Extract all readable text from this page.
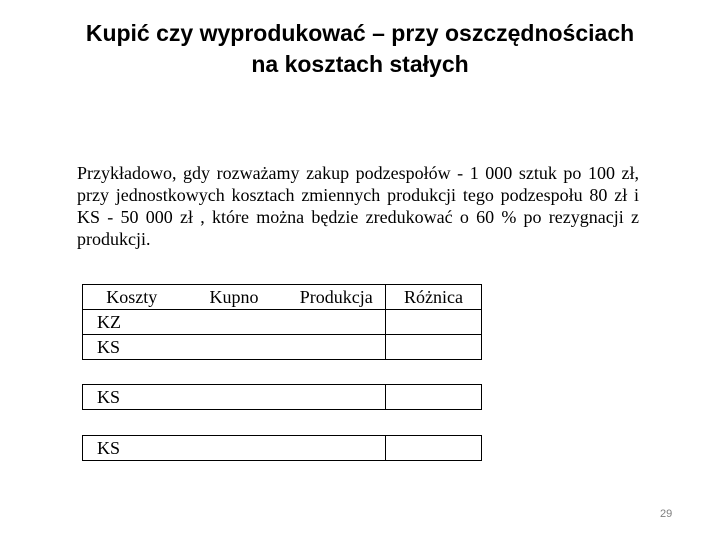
Kupić czy wyprodukować – przy oszczędnościach
na kosztach stałych

Przykładowo, gdy rozważamy zakup podzespołów - 1 000 sztuk po 100 zł, przy jednostkowych kosztach zmiennych produkcji tego podzespołu 80 zł i KS - 50 000 zł , które można będzie zredukować o 60 % po rezygnacji z produkcji.

Koszty	Kupno	Produkcja	Różnica
KZ			
KS			
KS	
KS	
29
